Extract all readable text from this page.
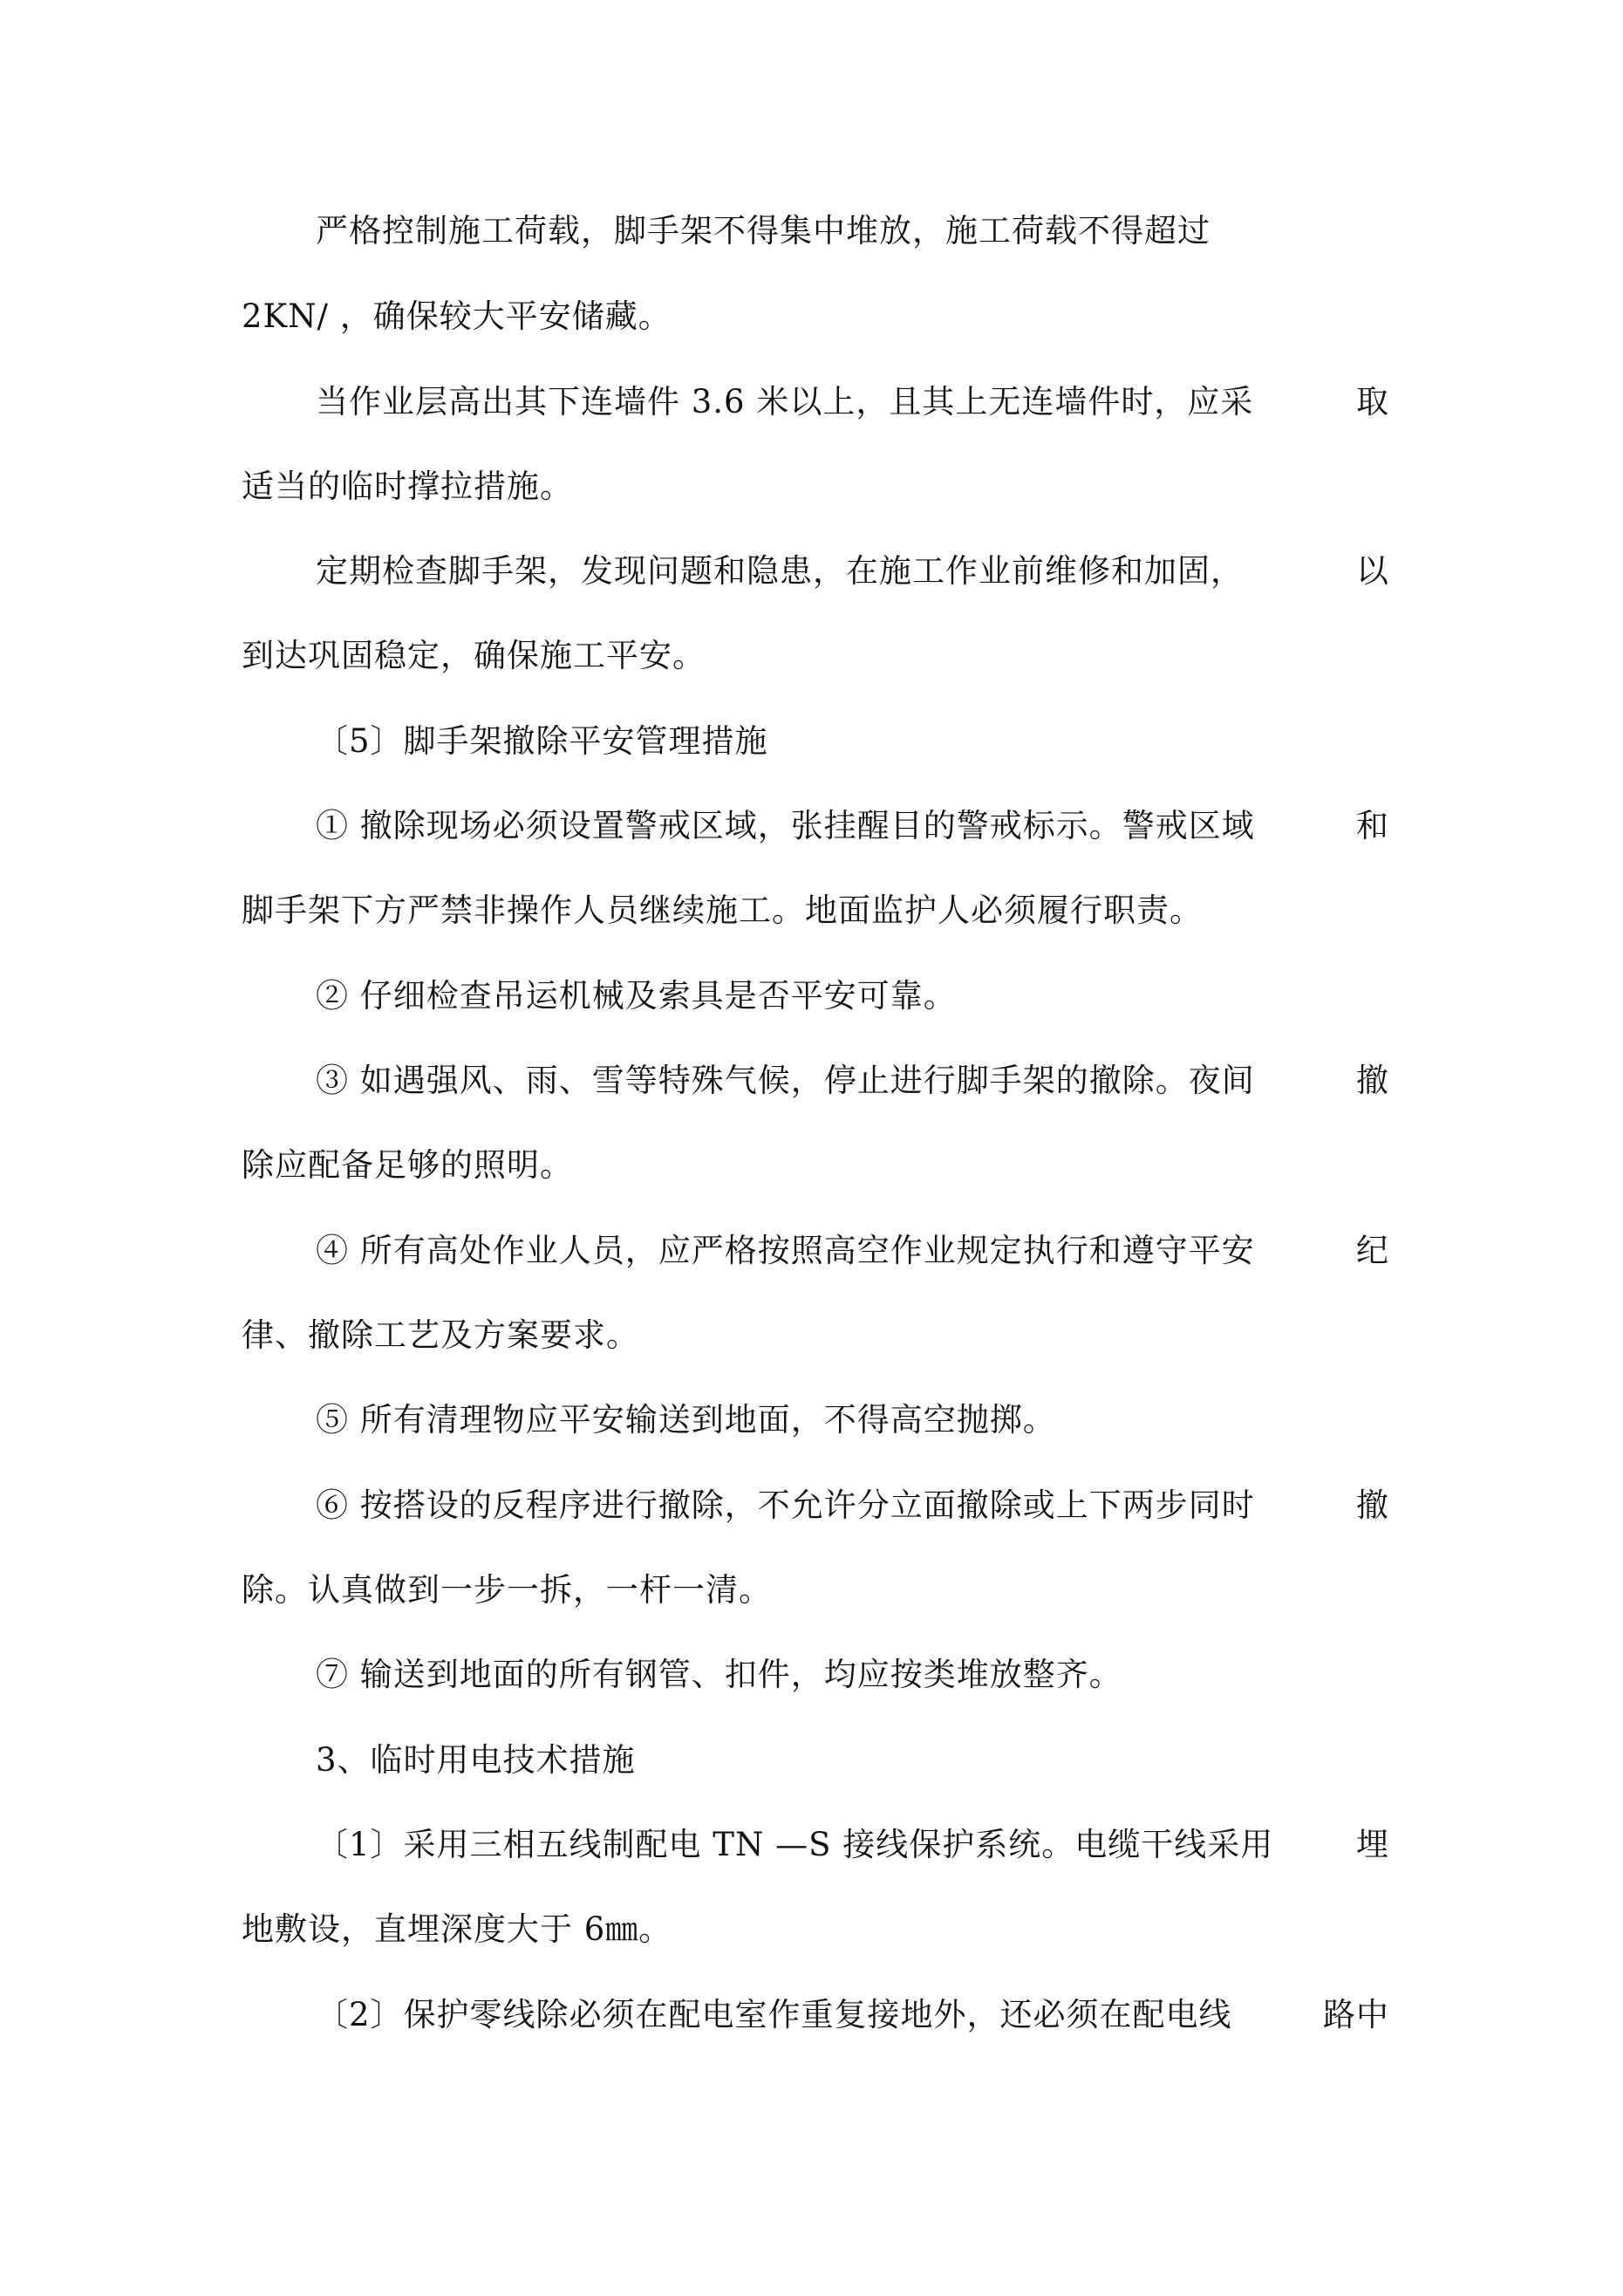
严格控制施工荷载，脚手架不得集中堆放，施工荷载不得超过

2KN/ ，确保较大平安储藏。

当作业层高出其下连墙件 3.6 米以上，且其上无连墙件时，应采	取

适当的临时撑拉措施。

定期检查脚手架，发现问题和隐患，在施工作业前维修和加固，	以

到达巩固稳定，确保施工平安。

〔5〕脚手架撤除平安管理措施

① 撤除现场必须设置警戒区域，张挂醒目的警戒标示。警戒区域	和

脚手架下方严禁非操作人员继续施工。地面监护人必须履行职责。

② 仔细检查吊运机械及索具是否平安可靠。

③ 如遇强风、雨、雪等特殊气候，停止进行脚手架的撤除。夜间	撤

除应配备足够的照明。

④ 所有高处作业人员，应严格按照高空作业规定执行和遵守平安	纪

律、撤除工艺及方案要求。

⑤ 所有清理物应平安输送到地面，不得高空抛掷。

⑥ 按搭设的反程序进行撤除，不允许分立面撤除或上下两步同时	撤

除。认真做到一步一拆，一杆一清。

⑦ 输送到地面的所有钢管、扣件，均应按类堆放整齐。

3、临时用电技术措施

〔1〕采用三相五线制配电 TN —S 接线保护系统。电缆干线采用	埋

地敷设，直埋深度大于 6㎜。

〔2〕保护零线除必须在配电室作重复接地外，还必须在配电线	路中
